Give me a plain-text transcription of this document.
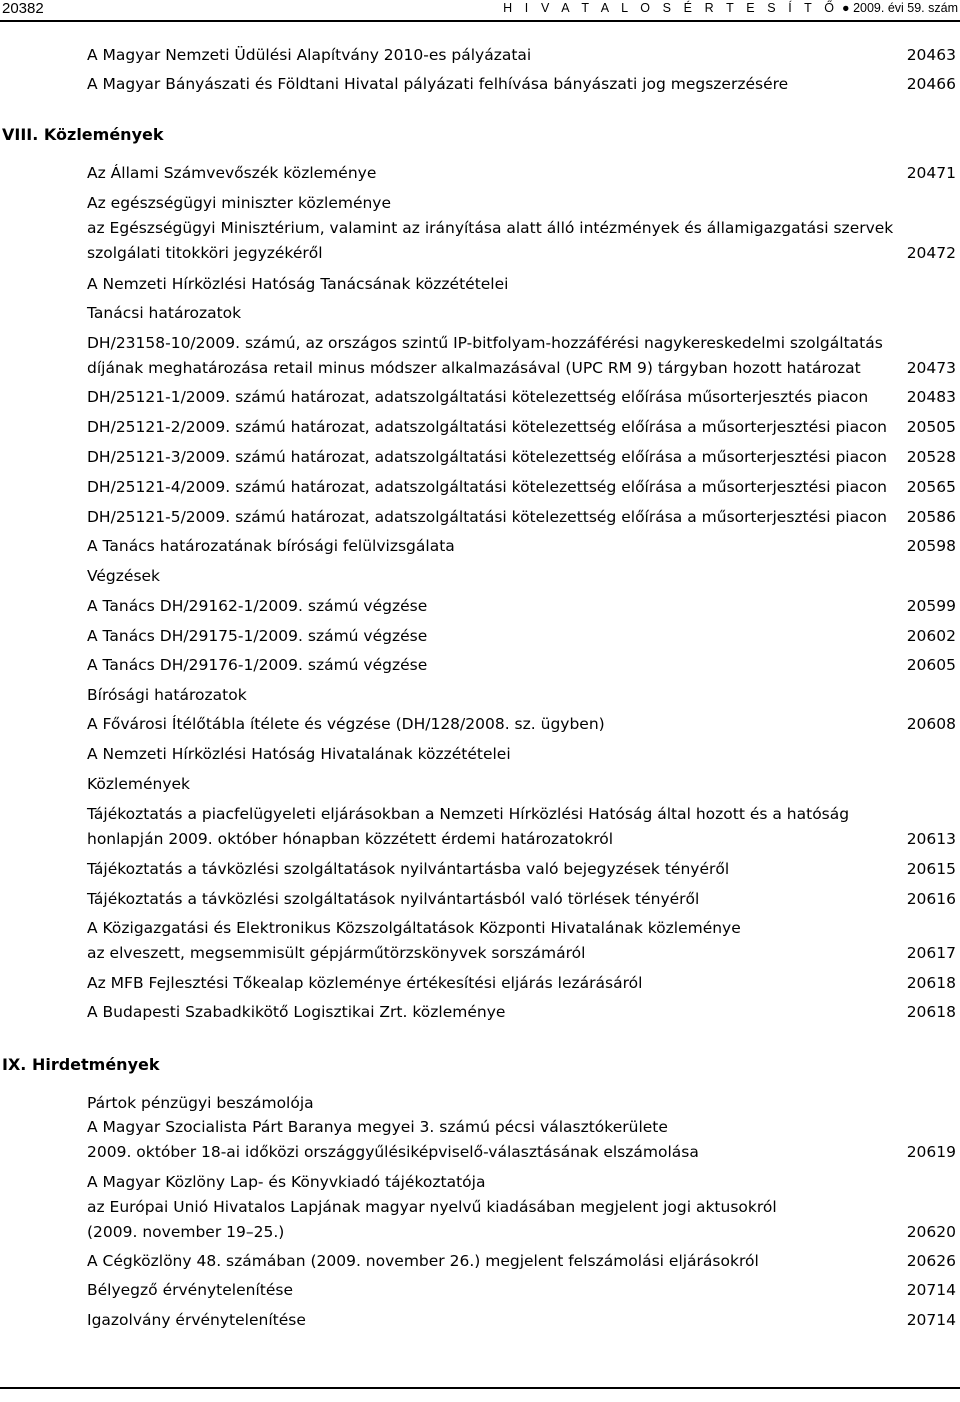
20382	H I V A T A L O S É R T E S Í T Ő ● 2009. évi 59. szám
VIII. Közlemények
IX. Hirdetmények
A Magyar Nemzeti Üdülési Alapítvány 2010-es pályázatai	20463
A Magyar Bányászati és Földtani Hivatal pályázati felhívása bányászati jog megszerzésére	20466
Az Állami Számvevőszék közleménye	20471
Az egészségügyi miniszter közleménye
az Egészségügyi Minisztérium, valamint az irányítása alatt álló intézmények és államigazgatási szervek
szolgálati titokköri jegyzékéről	20472
A Nemzeti Hírközlési Hatóság Tanácsának közzétételei
Tanácsi határozatok
DH/23158-10/2009. számú, az országos szintű IP-bitfolyam-hozzáférési nagykereskedelmi szolgáltatás
díjának meghatározása retail minus módszer alkalmazásával (UPC RM 9) tárgyban hozott határozat	20473
DH/25121-1/2009. számú határozat, adatszolgáltatási kötelezettség előírása műsorterjesztés piacon	20483
DH/25121-2/2009. számú határozat, adatszolgáltatási kötelezettség előírása a műsorterjesztési piacon	20505
DH/25121-3/2009. számú határozat, adatszolgáltatási kötelezettség előírása a műsorterjesztési piacon	20528
DH/25121-4/2009. számú határozat, adatszolgáltatási kötelezettség előírása a műsorterjesztési piacon	20565
DH/25121-5/2009. számú határozat, adatszolgáltatási kötelezettség előírása a műsorterjesztési piacon	20586
A Tanács határozatának bírósági felülvizsgálata	20598
Végzések
A Tanács DH/29162-1/2009. számú végzése	20599
A Tanács DH/29175-1/2009. számú végzése	20602
A Tanács DH/29176-1/2009. számú végzése	20605
Bírósági határozatok
A Fővárosi Ítélőtábla ítélete és végzése (DH/128/2008. sz. ügyben)	20608
A Nemzeti Hírközlési Hatóság Hivatalának közzétételei
Közlemények
Tájékoztatás a piacfelügyeleti eljárásokban a Nemzeti Hírközlési Hatóság által hozott és a hatóság
honlapján 2009. október hónapban közzétett érdemi határozatokról	20613
Tájékoztatás a távközlési szolgáltatások nyilvántartásba való bejegyzések tényéről	20615
Tájékoztatás a távközlési szolgáltatások nyilvántartásból való törlések tényéről	20616
A Közigazgatási és Elektronikus Közszolgáltatások Központi Hivatalának közleménye
az elveszett, megsemmisült gépjárműtörzskönyvek sorszámáról	20617
Az MFB Fejlesztési Tőkealap közleménye értékesítési eljárás lezárásáról	20618
A Budapesti Szabadkikötő Logisztikai Zrt. közleménye	20618
Pártok pénzügyi beszámolója
A Magyar Szocialista Párt Baranya megyei 3. számú pécsi választókerülete
2009. október 18-ai időközi országgyűlésiképviselő-választásának elszámolása	20619
A Magyar Közlöny Lap- és Könyvkiadó tájékoztatója
az Európai Unió Hivatalos Lapjának magyar nyelvű kiadásában megjelent jogi aktusokról
(2009. november 19–25.)	20620
A Cégközlöny 48. számában (2009. november 26.) megjelent felszámolási eljárásokról	20626
Bélyegző érvénytelenítése	20714
Igazolvány érvénytelenítése	20714
